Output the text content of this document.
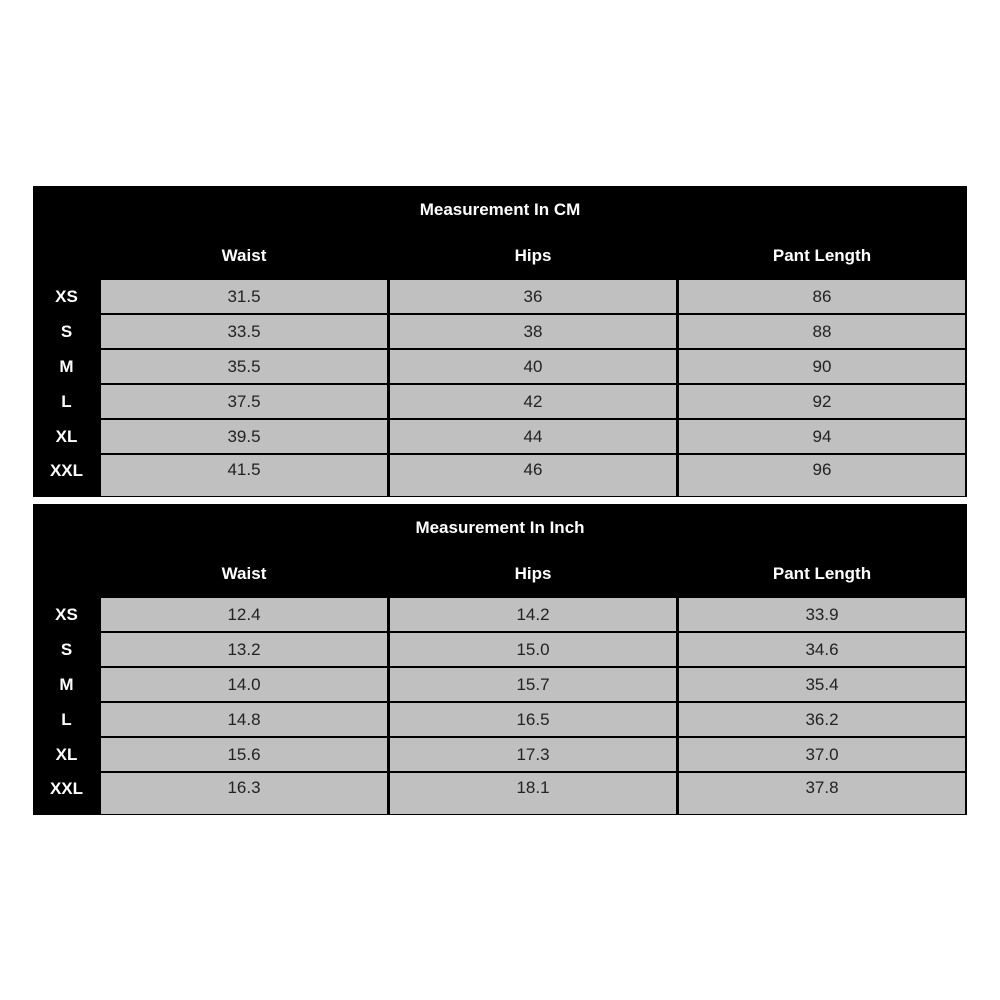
Measurement In CM
Waist	Hips	Pant Length
XS	31.5	36	86
S	33.5	38	88
M	35.5	40	90
L	37.5	42	92
XL	39.5	44	94
XXL	41.5	46	96
Measurement In Inch
Waist	Hips	Pant Length
XS	12.4	14.2	33.9
S	13.2	15.0	34.6
M	14.0	15.7	35.4
L	14.8	16.5	36.2
XL	15.6	17.3	37.0
XXL	16.3	18.1	37.8
